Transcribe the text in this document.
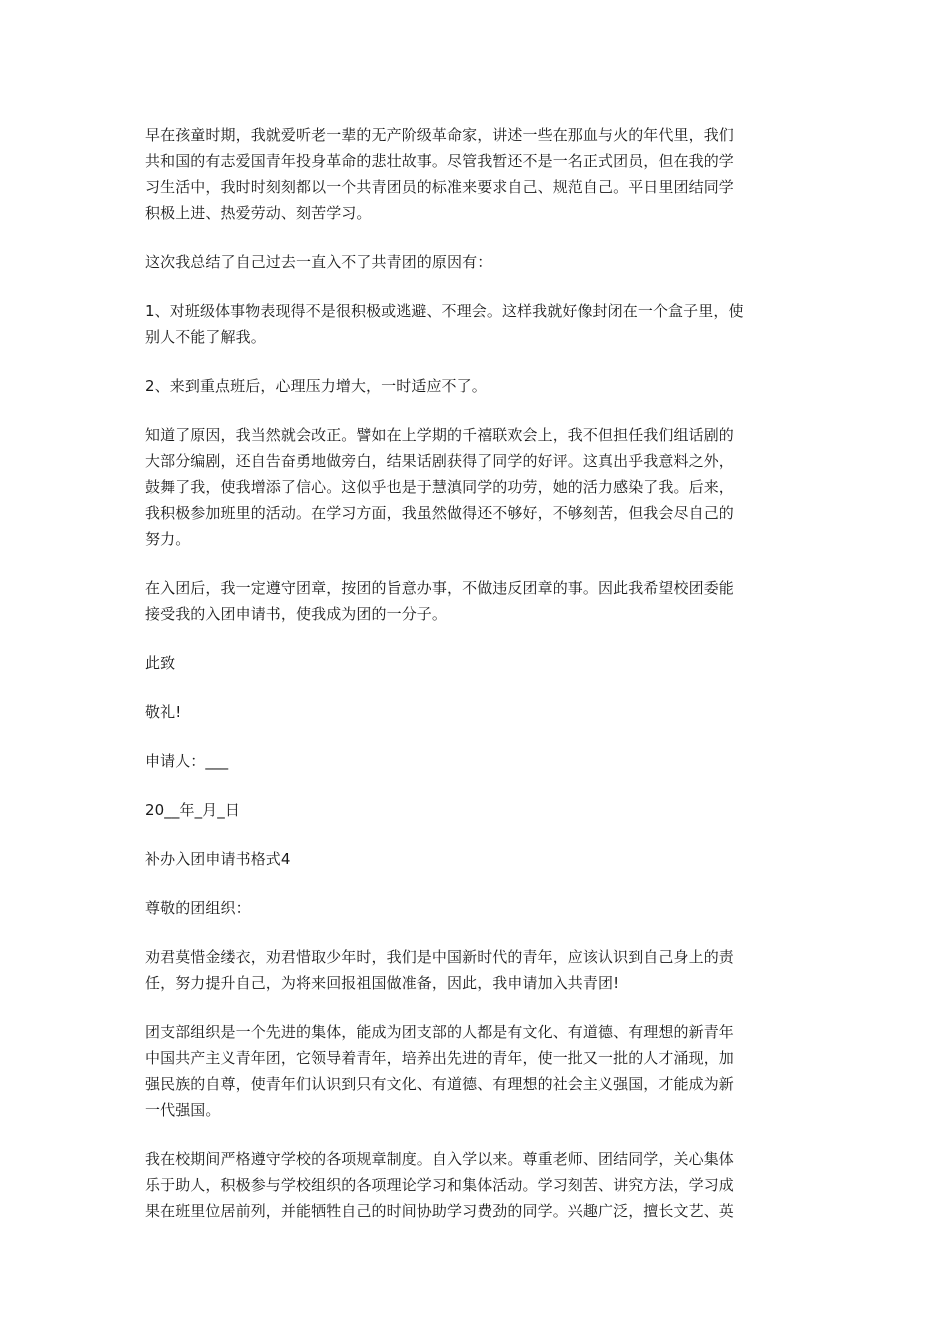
早在孩童时期，我就爱听老一辈的无产阶级革命家，讲述一些在那血与火的年代里，我们
共和国的有志爱国青年投身革命的悲壮故事。尽管我暂还不是一名正式团员，但在我的学
习生活中，我时时刻刻都以一个共青团员的标准来要求自己、规范自己。平日里团结同学
积极上进、热爱劳动、刻苦学习。

这次我总结了自己过去一直入不了共青团的原因有：

1、对班级体事物表现得不是很积极或逃避、不理会。这样我就好像封闭在一个盒子里，使
别人不能了解我。

2、来到重点班后，心理压力增大，一时适应不了。

知道了原因，我当然就会改正。譬如在上学期的千禧联欢会上，我不但担任我们组话剧的
大部分编剧，还自告奋勇地做旁白，结果话剧获得了同学的好评。这真出乎我意料之外，
鼓舞了我，使我增添了信心。这似乎也是于慧滇同学的功劳，她的活力感染了我。后来，
我积极参加班里的活动。在学习方面，我虽然做得还不够好，不够刻苦，但我会尽自己的
努力。

在入团后，我一定遵守团章，按团的旨意办事，不做违反团章的事。因此我希望校团委能
接受我的入团申请书，使我成为团的一分子。

此致

敬礼!

申请人：___

20__年_月_日

补办入团申请书格式4

尊敬的团组织：

劝君莫惜金缕衣，劝君惜取少年时，我们是中国新时代的青年，应该认识到自己身上的责
任，努力提升自己，为将来回报祖国做准备，因此，我申请加入共青团!

团支部组织是一个先进的集体，能成为团支部的人都是有文化、有道德、有理想的新青年
中国共产主义青年团，它领导着青年，培养出先进的青年，使一批又一批的人才涌现，加
强民族的自尊，使青年们认识到只有文化、有道德、有理想的社会主义强国，才能成为新
一代强国。

我在校期间严格遵守学校的各项规章制度。自入学以来。尊重老师、团结同学，关心集体
乐于助人，积极参与学校组织的各项理论学习和集体活动。学习刻苦、讲究方法，学习成
果在班里位居前列，并能牺牲自己的时间协助学习费劲的同学。兴趣广泛，擅长文艺、英
